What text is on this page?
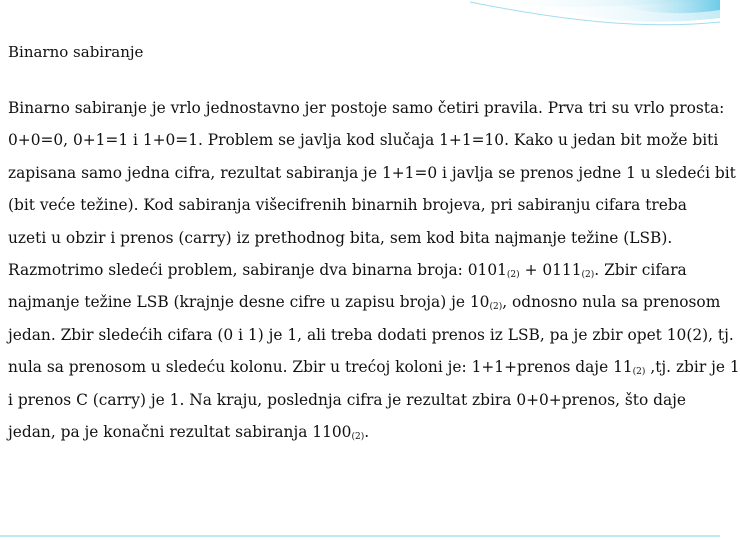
Binarno sabiranje
Binarno sabiranje je vrlo jednostavno jer postoje samo četiri pravila. Prva tri su vrlo prosta:
0+0=0, 0+1=1 i 1+0=1. Problem se javlja kod slučaja 1+1=10. Kako u jedan bit može biti
zapisana samo jedna cifra, rezultat sabiranja je 1+1=0 i javlja se prenos jedne 1 u sledeći bit
(bit veće težine). Kod sabiranja višecifrenih binarnih brojeva, pri sabiranju cifara treba
uzeti u obzir i prenos (carry) iz prethodnog bita, sem kod bita najmanje težine (LSB).
Razmotrimo sledeći problem, sabiranje dva binarna broja: $0101_{(2)} + 0111_{(2)}$. Zbir cifara
najmanje težine LSB (krajnje desne cifre u zapisu broja) je $10_{(2)}$, odnosno nula sa prenosom
jedan. Zbir sledećih cifara (0 i 1) je 1, ali treba dodati prenos iz LSB, pa je zbir opet 10(2), tj.
nula sa prenosom u sledeću kolonu. Zbir u trećoj koloni je: 1+1+prenos daje $11_{(2)}$ ,tj. zbir je 1
i prenos C (carry) je 1. Na kraju, poslednja cifra je rezultat zbira 0+0+prenos, što daje
jedan, pa je konačni rezultat sabiranja $1100_{(2)}$.
